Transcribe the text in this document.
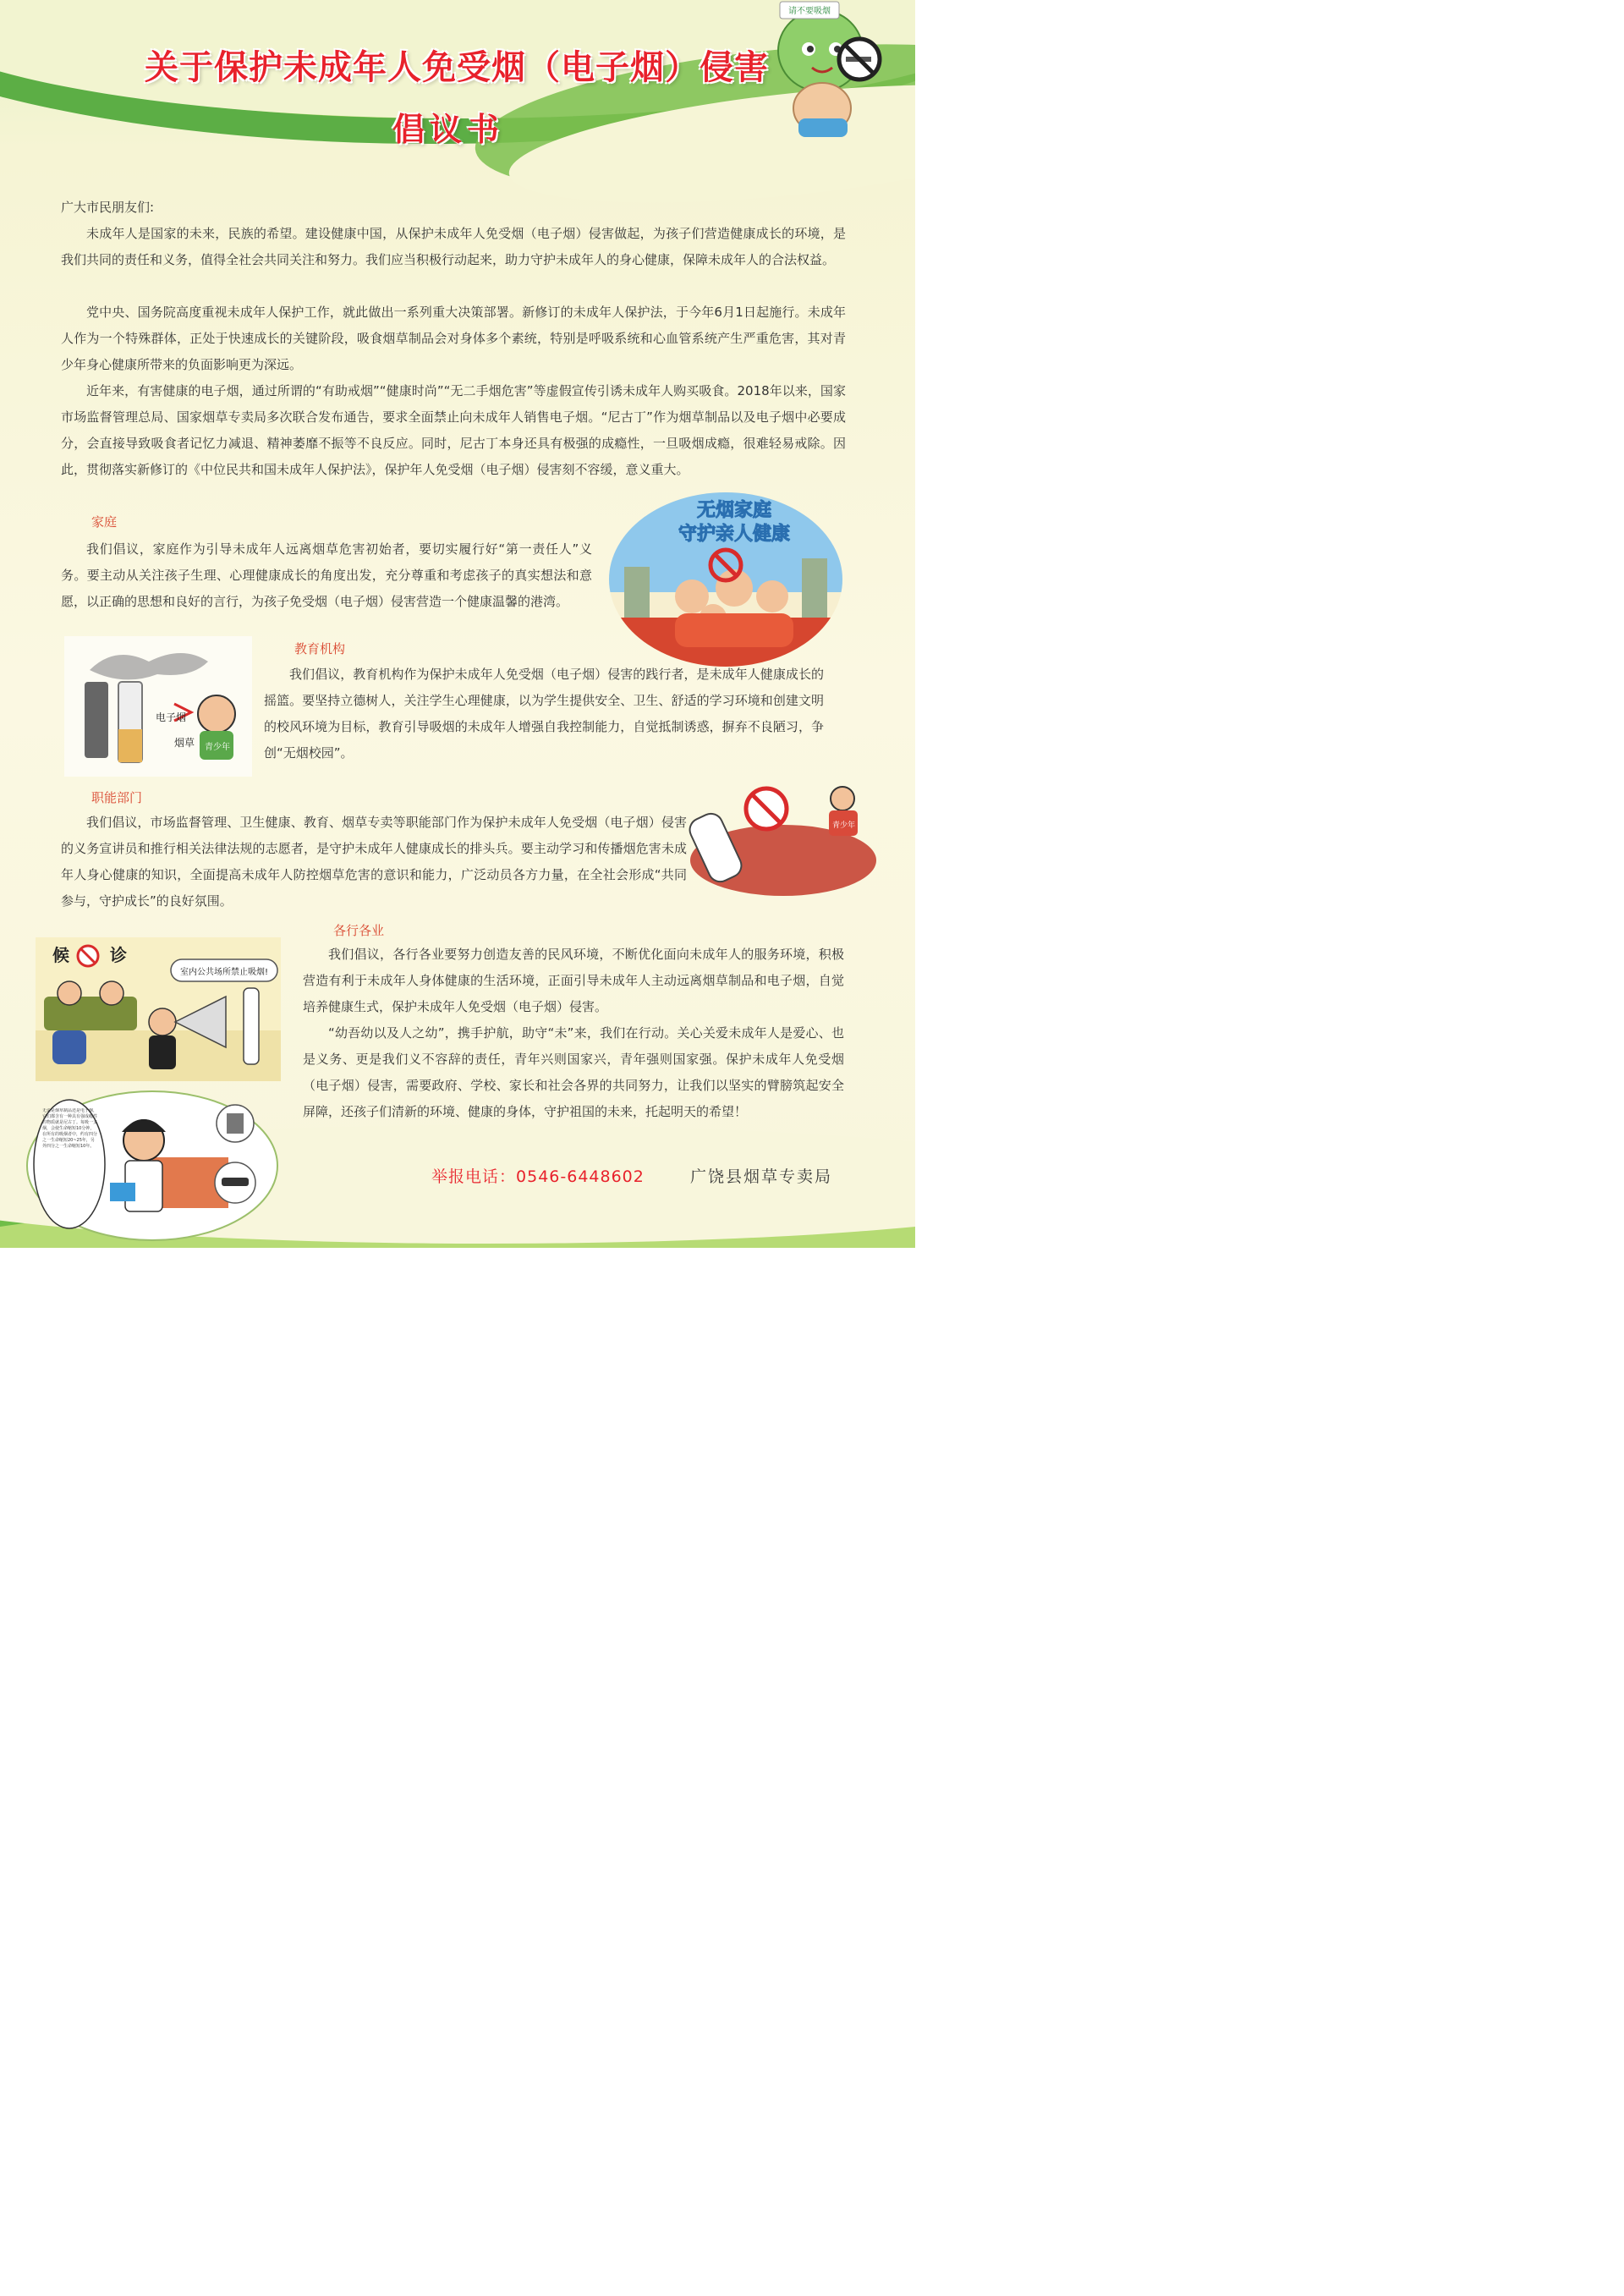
请不要吸烟
关于保护未成年人免受烟（电子烟）侵害
倡议书

广大市民朋友们:

未成年人是国家的未来，民族的希望。建设健康中国，从保护未成年人免受烟（电子烟）侵害做起，为孩子们营造健康成长的环境，是我们共同的责任和义务，值得全社会共同关注和努力。我们应当积极行动起来，助力守护未成年人的身心健康，保障未成年人的合法权益。

党中央、国务院高度重视未成年人保护工作，就此做出一系列重大决策部署。新修订的未成年人保护法，于今年6月1日起施行。未成年人作为一个特殊群体，正处于快速成长的关键阶段，吸食烟草制品会对身体多个素统，特别是呼吸系统和心血管系统产生严重危害，其对青少年身心健康所带来的负面影响更为深远。

近年来，有害健康的电子烟，通过所谓的“有助戒烟”“健康时尚”“无二手烟危害”等虚假宣传引诱未成年人购买吸食。2018年以来，国家市场监督管理总局、国家烟草专卖局多次联合发布通告，要求全面禁止向未成年人销售电子烟。“尼古丁”作为烟草制品以及电子烟中必要成分，会直接导致吸食者记忆力减退、精神萎靡不振等不良反应。同时，尼古丁本身还具有极强的成瘾性，一旦吸烟成瘾，很难轻易戒除。因此，贯彻落实新修订的《中位民共和国未成年人保护法》，保护年人免受烟（电子烟）侵害刻不容缓，意义重大。

家庭

我们倡议，家庭作为引导未成年人远离烟草危害初始者，要切实履行好“第一责任人”义务。要主动从关注孩子生理、心理健康成长的角度出发，充分尊重和考虑孩子的真实想法和意愿，以正确的思想和良好的言行，为孩子免受烟（电子烟）侵害营造一个健康温馨的港湾。

无烟家庭
守护亲人健康
电子烟
烟草 青少年

教育机构

我们倡议，教育机构作为保护未成年人免受烟（电子烟）侵害的践行者，是未成年人健康成长的摇篮。要坚持立德树人，关注学生心理健康，以为学生提供安全、卫生、舒适的学习环境和创建文明的校风环境为目标，教育引导吸烟的未成年人增强自我控制能力，自觉抵制诱惑，摒弃不良陋习，争创“无烟校园”。

职能部门

我们倡议，市场监督管理、卫生健康、教育、烟草专卖等职能部门作为保护未成年人免受烟（电子烟）侵害的义务宣讲员和推行相关法律法规的志愿者，是守护未成年人健康成长的排头兵。要主动学习和传播烟危害未成年人身心健康的知识，全面提高未成年人防控烟草危害的意识和能力，广泛动员各方力量，在全社会形成“共同参与，守护成长”的良好氛围。

青少年
候 诊
室内公共场所禁止吸烟!

各行各业

我们倡议，各行各业要努力创造友善的民风环境，不断优化面向未成年人的服务环境，积极营造有利于未成年人身体健康的生活环境，正面引导未成年人主动远离烟草制品和电子烟，自觉培养健康生式，保护未成年人免受烟（电子烟）侵害。

“幼吾幼以及人之幼”，携手护航，助守“未”来，我们在行动。关心关爱未成年人是爱心、也是义务、更是我们义不容辞的责任，青年兴则国家兴，青年强则国家强。保护未成年人免受烟（电子烟）侵害，需要政府、学校、家长和社会各界的共同努力，让我们以坚实的臂膀筑起安全屏障，还孩子们清新的环境、健康的身体，守护祖国的未来，托起明天的希望！

无论是烟草制品还是电子烟，它们都含有一种具有强成瘾性的物质就是尼古丁。每吸一支烟，会使生命缩短10分钟，在所有的吸烟者中，约有四分之一生命缩短20~25年，另外四分之一生命缩短10年。
举报电话：0546-6448602	广饶县烟草专卖局
